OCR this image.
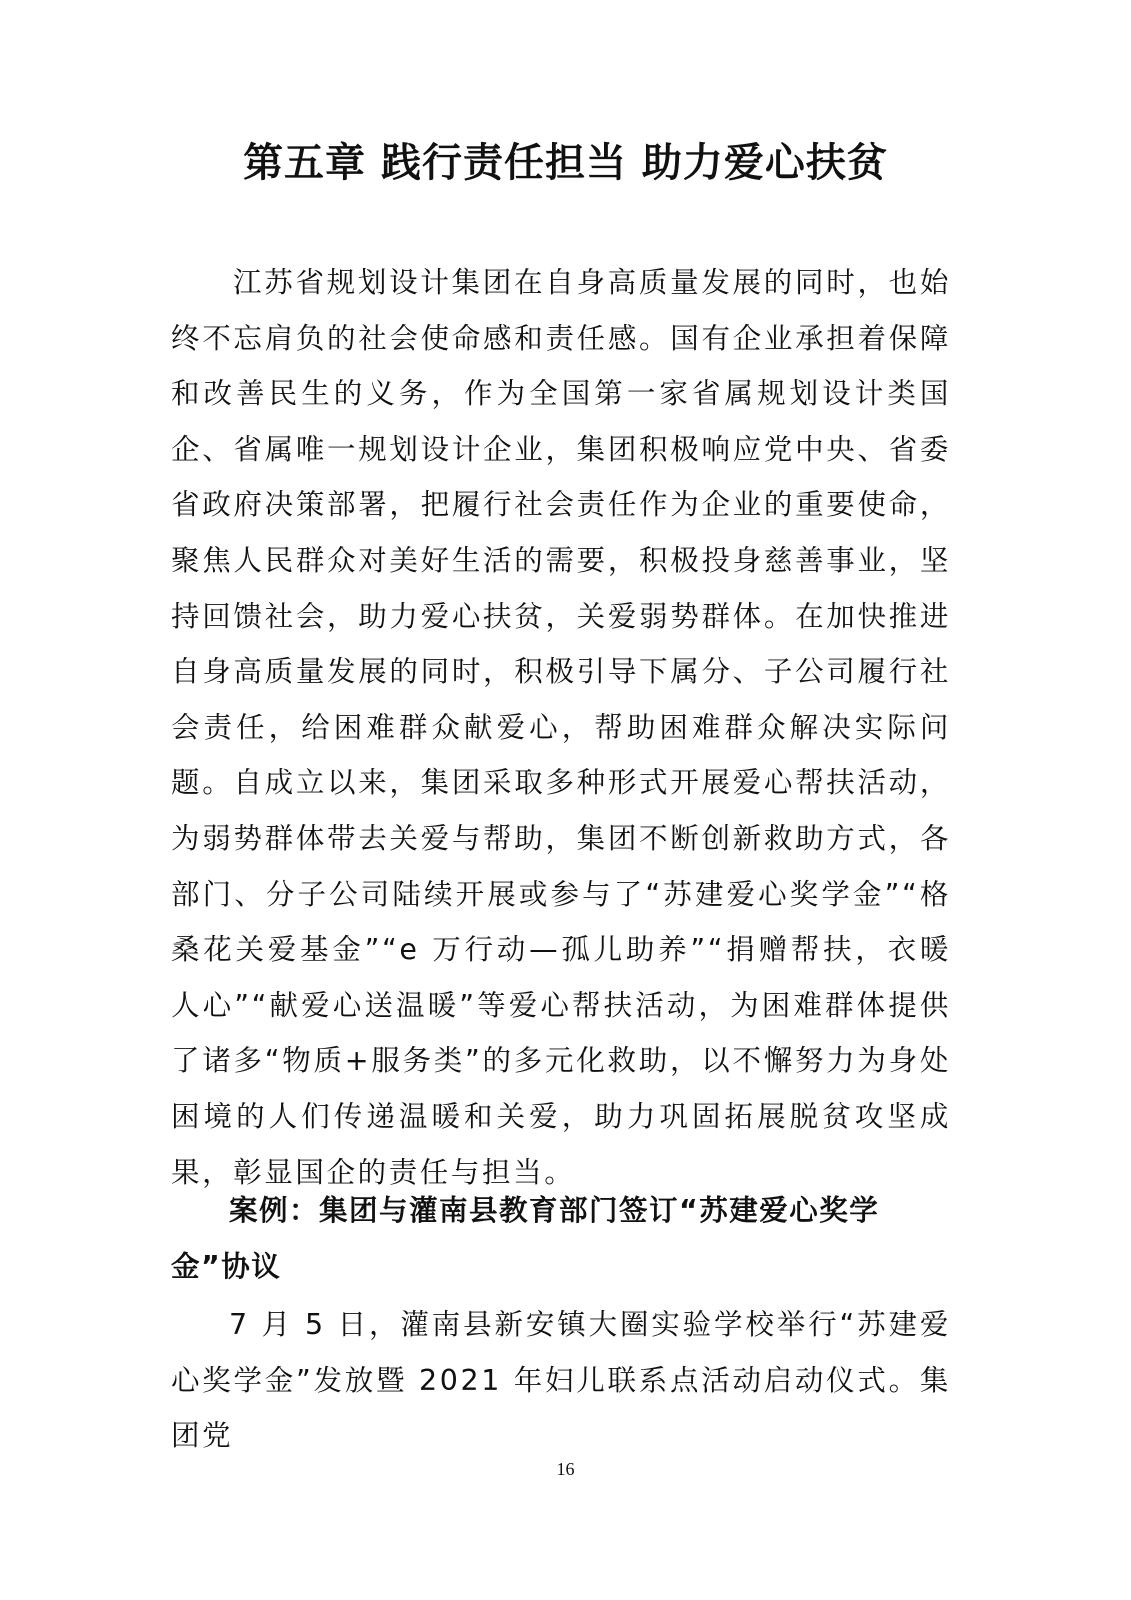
第五章 践行责任担当 助力爱心扶贫

江苏省规划设计集团在自身高质量发展的同时，也始终不忘肩负的社会使命感和责任感。国有企业承担着保障和改善民生的义务，作为全国第一家省属规划设计类国企、省属唯一规划设计企业，集团积极响应党中央、省委省政府决策部署，把履行社会责任作为企业的重要使命，聚焦人民群众对美好生活的需要，积极投身慈善事业，坚持回馈社会，助力爱心扶贫，关爱弱势群体。在加快推进自身高质量发展的同时，积极引导下属分、子公司履行社会责任，给困难群众献爱心，帮助困难群众解决实际问题。自成立以来，集团采取多种形式开展爱心帮扶活动，为弱势群体带去关爱与帮助，集团不断创新救助方式，各部门、分子公司陆续开展或参与了“苏建爱心奖学金”“格桑花关爱基金”“e 万行动—孤儿助养”“捐赠帮扶，衣暖人心”“献爱心送温暖”等爱心帮扶活动，为困难群体提供了诸多“物质+服务类”的多元化救助，以不懈努力为身处困境的人们传递温暖和关爱，助力巩固拓展脱贫攻坚成果，彰显国企的责任与担当。

案例：集团与灌南县教育部门签订“苏建爱心奖学金”协议

7 月 5 日，灌南县新安镇大圈实验学校举行“苏建爱心奖学金”发放暨 2021 年妇儿联系点活动启动仪式。集团党

16
